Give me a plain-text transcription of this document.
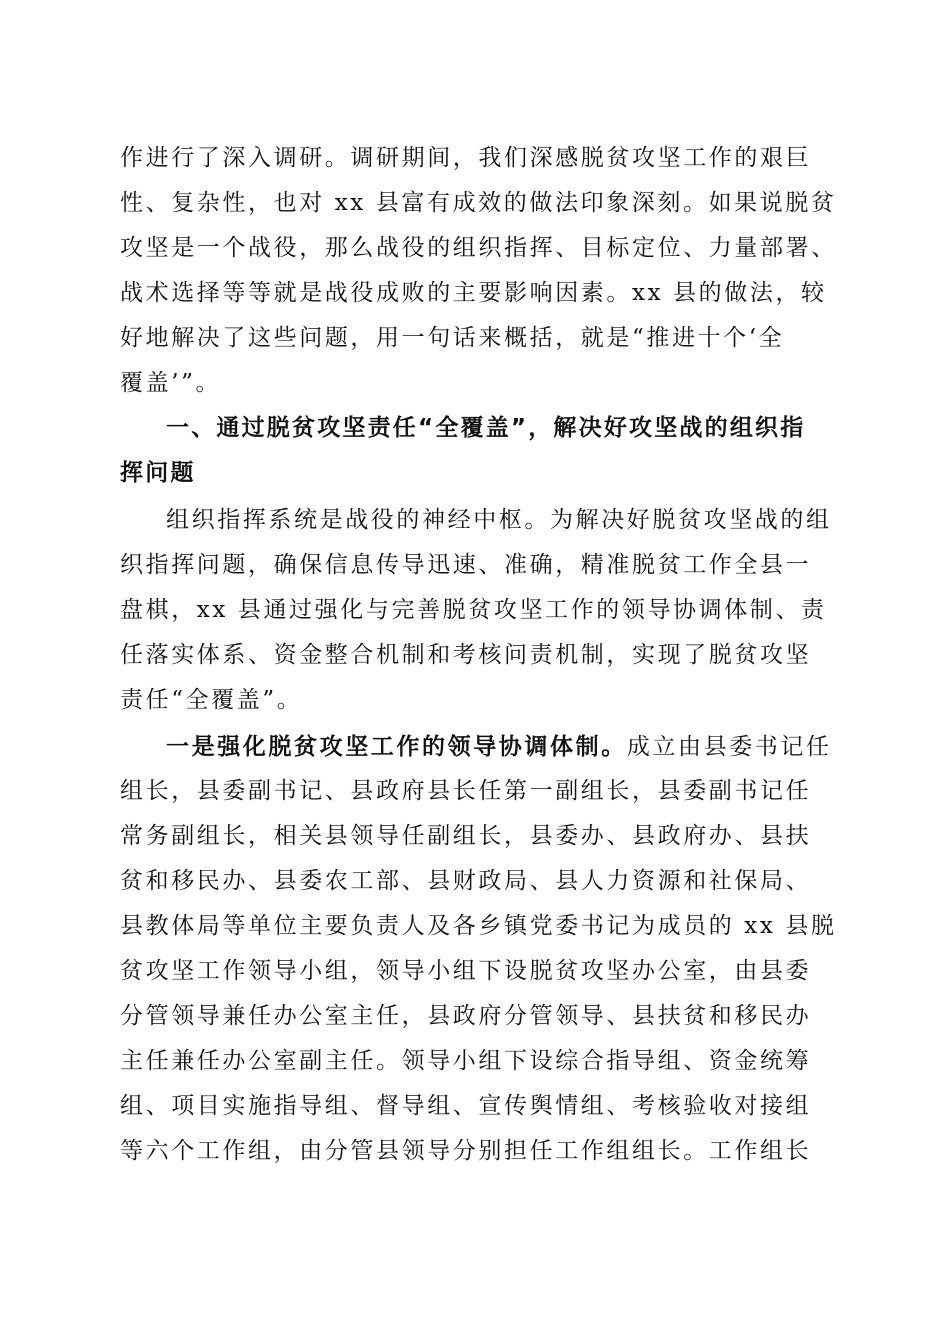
作进行了深入调研。调研期间，我们深感脱贫攻坚工作的艰巨
性、复杂性，也对 xx 县富有成效的做法印象深刻。如果说脱贫
攻坚是一个战役，那么战役的组织指挥、目标定位、力量部署、
战术选择等等就是战役成败的主要影响因素。xx 县的做法，较
好地解决了这些问题，用一句话来概括，就是“推进十个‘全
覆盖’”。
一、通过脱贫攻坚责任“全覆盖”，解决好攻坚战的组织指
挥问题
组织指挥系统是战役的神经中枢。为解决好脱贫攻坚战的组
织指挥问题，确保信息传导迅速、准确，精准脱贫工作全县一
盘棋，xx 县通过强化与完善脱贫攻坚工作的领导协调体制、责
任落实体系、资金整合机制和考核问责机制，实现了脱贫攻坚
责任“全覆盖”。
一是强化脱贫攻坚工作的领导协调体制。成立由县委书记任
组长，县委副书记、县政府县长任第一副组长，县委副书记任
常务副组长，相关县领导任副组长，县委办、县政府办、县扶
贫和移民办、县委农工部、县财政局、县人力资源和社保局、
县教体局等单位主要负责人及各乡镇党委书记为成员的 xx 县脱
贫攻坚工作领导小组，领导小组下设脱贫攻坚办公室，由县委
分管领导兼任办公室主任，县政府分管领导、县扶贫和移民办
主任兼任办公室副主任。领导小组下设综合指导组、资金统筹
组、项目实施指导组、督导组、宣传舆情组、考核验收对接组
等六个工作组，由分管县领导分别担任工作组组长。工作组长
